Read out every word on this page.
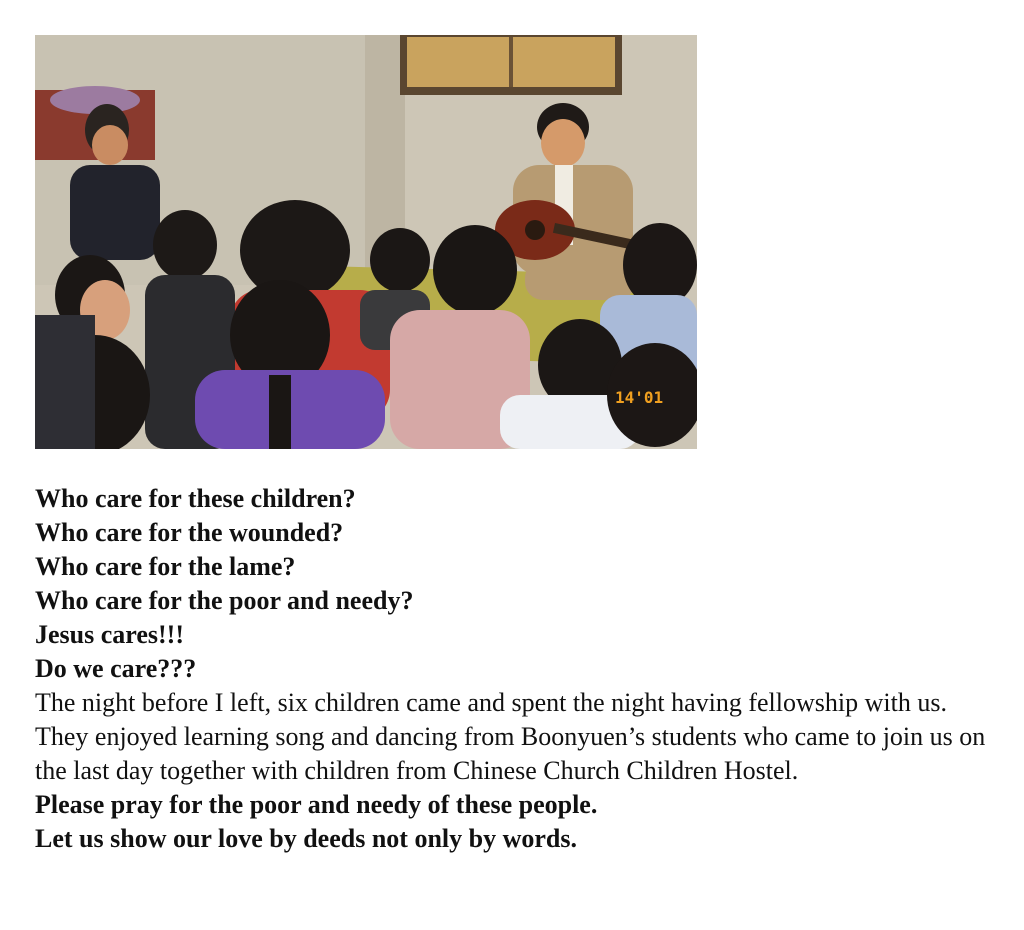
14'01

Who care for these children?

Who care for the wounded?

Who care for the lame?

Who care for the poor and needy?

Jesus cares!!!

Do we care???

The night before I left, six children came and spent the night having fellowship with us. They enjoyed learning song and dancing from Boonyuen’s students who came to join us on the last day together with children from Chinese Church Children Hostel.

Please pray for the poor and needy of these people.

Let us show our love by deeds not only by words.
